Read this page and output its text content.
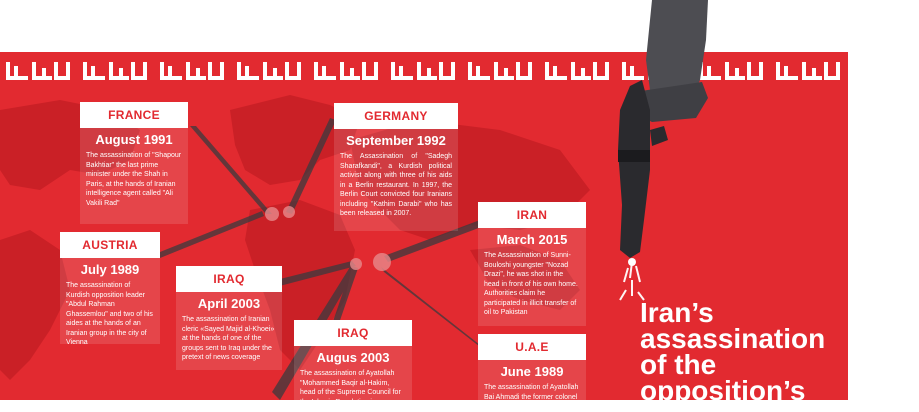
FRANCE
August 1991
The assassination of "Shapour Bakhtiar" the last prime minister under the Shah in Paris, at the hands of Iranian intelligence agent called "Ali Vakili Rad"
GERMANY
September 1992
The Assassination of "Sadegh Sharafkandi", a Kurdish political activist along with three of his aids in a Berlin restaurant. In 1997, the Berlin Court convicted four Iranians including "Kathim Darabi" who has been released in 2007.	IRAN
March 2015
The Assassination of Sunni-Bouloshi youngster "Nozad Drazi", he was shot in the head in front of his own home. Authorities claim he participated in illicit transfer of oil to Pakistan
AUSTRIA
July 1989
The assassination of Kurdish opposition leader "Abdul Rahman Ghassemlou" and two of his aides at the hands of an Iranian group in the city of Vienna
IRAQ
April 2003
The assassination of Iranian cleric «Sayed Majid al-Khoei» at the hands of one of the groups sent to Iraq under the pretext of news coverage
IRAQ
Augus 2003
The assassination of Ayatollah "Mohammed Baqir al-Hakim, head of the Supreme Council for the Islamic Revolution in
U.A.E
June 1989
The assassination of Ayatollah Bai Ahmadi the former colonel in the Iranian
Iran’s
assassination
of the
opposition’s
